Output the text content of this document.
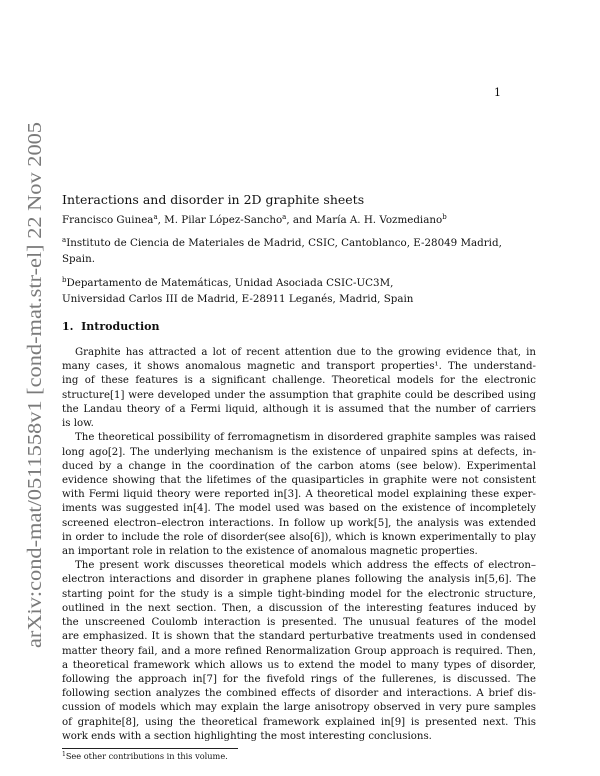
arXiv:cond-mat/0511558v1 [cond-mat.str-el] 22 Nov 2005
1
Interactions and disorder in 2D graphite sheets
Francisco Guinea$^a$, M. Pilar López-Sancho$^a$, and María A. H. Vozmediano$^b$
$^a$Instituto de Ciencia de Materiales de Madrid, CSIC, Cantoblanco, E-28049 Madrid,
Spain.
$^b$Departamento de Matemáticas, Unidad Asociada CSIC-UC3M,
Universidad Carlos III de Madrid, E-28911 Leganés, Madrid, Spain
1. Introduction
Graphite has attracted a lot of recent attention due to the growing evidence that, in
many cases, it shows anomalous magnetic and transport properties¹. The understand-
ing of these features is a significant challenge. Theoretical models for the electronic
structure[1] were developed under the assumption that graphite could be described using
the Landau theory of a Fermi liquid, although it is assumed that the number of carriers
is low.
The theoretical possibility of ferromagnetism in disordered graphite samples was raised
long ago[2]. The underlying mechanism is the existence of unpaired spins at defects, in-
duced by a change in the coordination of the carbon atoms (see below). Experimental
evidence showing that the lifetimes of the quasiparticles in graphite were not consistent
with Fermi liquid theory were reported in[3]. A theoretical model explaining these exper-
iments was suggested in[4]. The model used was based on the existence of incompletely
screened electron–electron interactions. In follow up work[5], the analysis was extended
in order to include the role of disorder(see also[6]), which is known experimentally to play
an important role in relation to the existence of anomalous magnetic properties.
The present work discusses theoretical models which address the effects of electron–
electron interactions and disorder in graphene planes following the analysis in[5,6]. The
starting point for the study is a simple tight-binding model for the electronic structure,
outlined in the next section. Then, a discussion of the interesting features induced by
the unscreened Coulomb interaction is presented. The unusual features of the model
are emphasized. It is shown that the standard perturbative treatments used in condensed
matter theory fail, and a more refined Renormalization Group approach is required. Then,
a theoretical framework which allows us to extend the model to many types of disorder,
following the approach in[7] for the fivefold rings of the fullerenes, is discussed. The
following section analyzes the combined effects of disorder and interactions. A brief dis-
cussion of models which may explain the large anisotropy observed in very pure samples
of graphite[8], using the theoretical framework explained in[9] is presented next. This
work ends with a section highlighting the most interesting conclusions.
$^1$See other contributions in this volume.
